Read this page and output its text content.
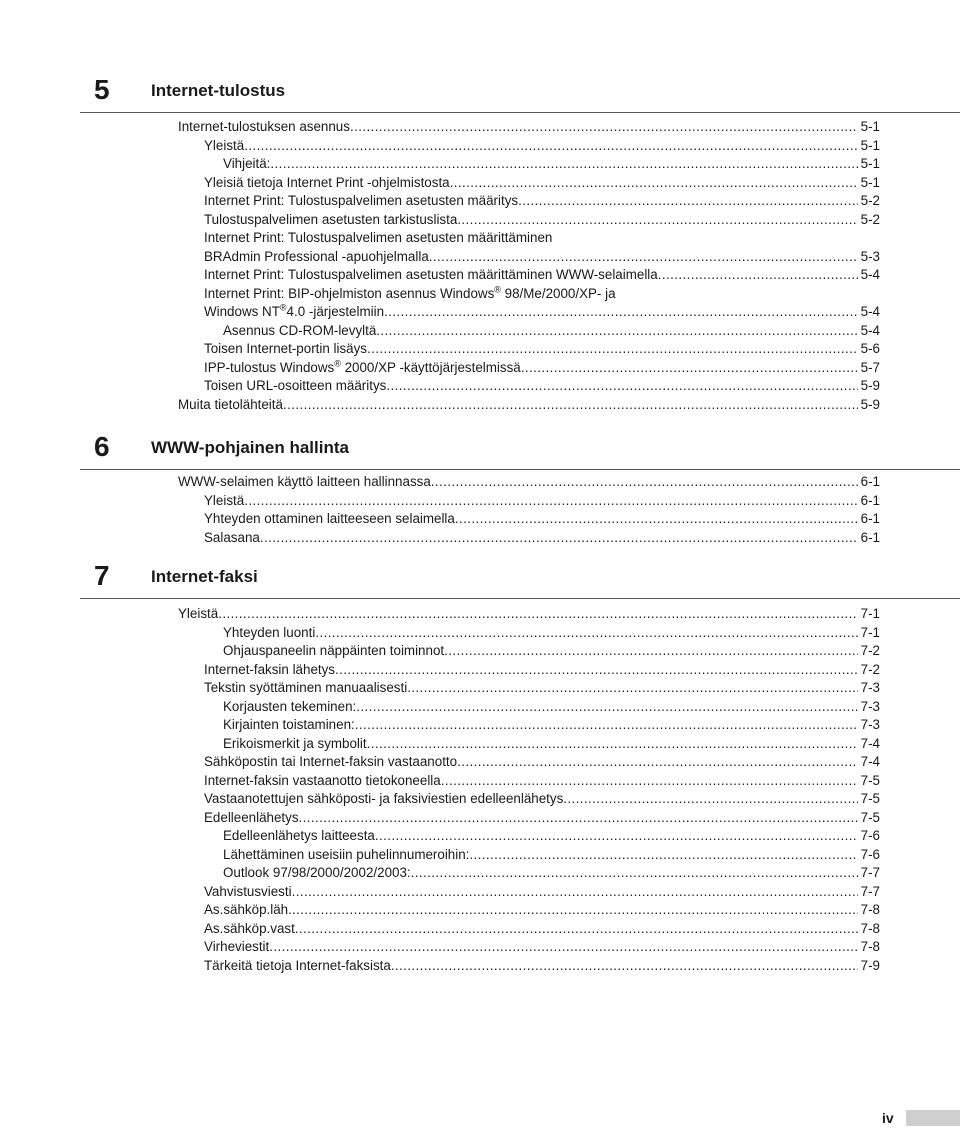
5 Internet-tulostus
Internet-tulostuksen asennus .....	5-1
Yleistä .....	5-1
Vihjeitä: .....	5-1
Yleisiä tietoja Internet Print -ohjelmistosta .....	5-1
Internet Print: Tulostuspalvelimen asetusten määritys .....	5-2
Tulostuspalvelimen asetusten tarkistuslista .....	5-2
Internet Print: Tulostuspalvelimen asetusten määrittäminen
BRAdmin Professional -apuohjelmalla .....	5-3
Internet Print: Tulostuspalvelimen asetusten määrittäminen WWW-selaimella .....	5-4
Internet Print: BIP-ohjelmiston asennus Windows® 98/Me/2000/XP- ja
Windows NT®4.0 -järjestelmiin .....	5-4
Asennus CD-ROM-levyltä .....	5-4
Toisen Internet-portin lisäys .....	5-6
IPP-tulostus Windows® 2000/XP -käyttöjärjestelmissä .....	5-7
Toisen URL-osoitteen määritys .....	5-9
Muita tietolähteitä .....	5-9
6 WWW-pohjainen hallinta
WWW-selaimen käyttö laitteen hallinnassa .....	6-1
Yleistä .....	6-1
Yhteyden ottaminen laitteeseen selaimella .....	6-1
Salasana .....	6-1
7 Internet-faksi
Yleistä .....	7-1
Yhteyden luonti .....	7-1
Ohjauspaneelin näppäinten toiminnot .....	7-2
Internet-faksin lähetys .....	7-2
Tekstin syöttäminen manuaalisesti .....	7-3
Korjausten tekeminen: .....	7-3
Kirjainten toistaminen: .....	7-3
Erikoismerkit ja symbolit .....	7-4
Sähköpostin tai Internet-faksin vastaanotto .....	7-4
Internet-faksin vastaanotto tietokoneella .....	7-5
Vastaanotettujen sähköposti- ja faksiviestien edelleenlähetys .....	7-5
Edelleenlähetys .....	7-5
Edelleenlähetys laitteesta .....	7-6
Lähettäminen useisiin puhelinnumeroihin: .....	7-6
Outlook 97/98/2000/2002/2003: .....	7-7
Vahvistusviesti .....	7-7
As.sähköp.läh. .....	7-8
As.sähköp.vast .....	7-8
Virheviestit .....	7-8
Tärkeitä tietoja Internet-faksista .....	7-9
iv
